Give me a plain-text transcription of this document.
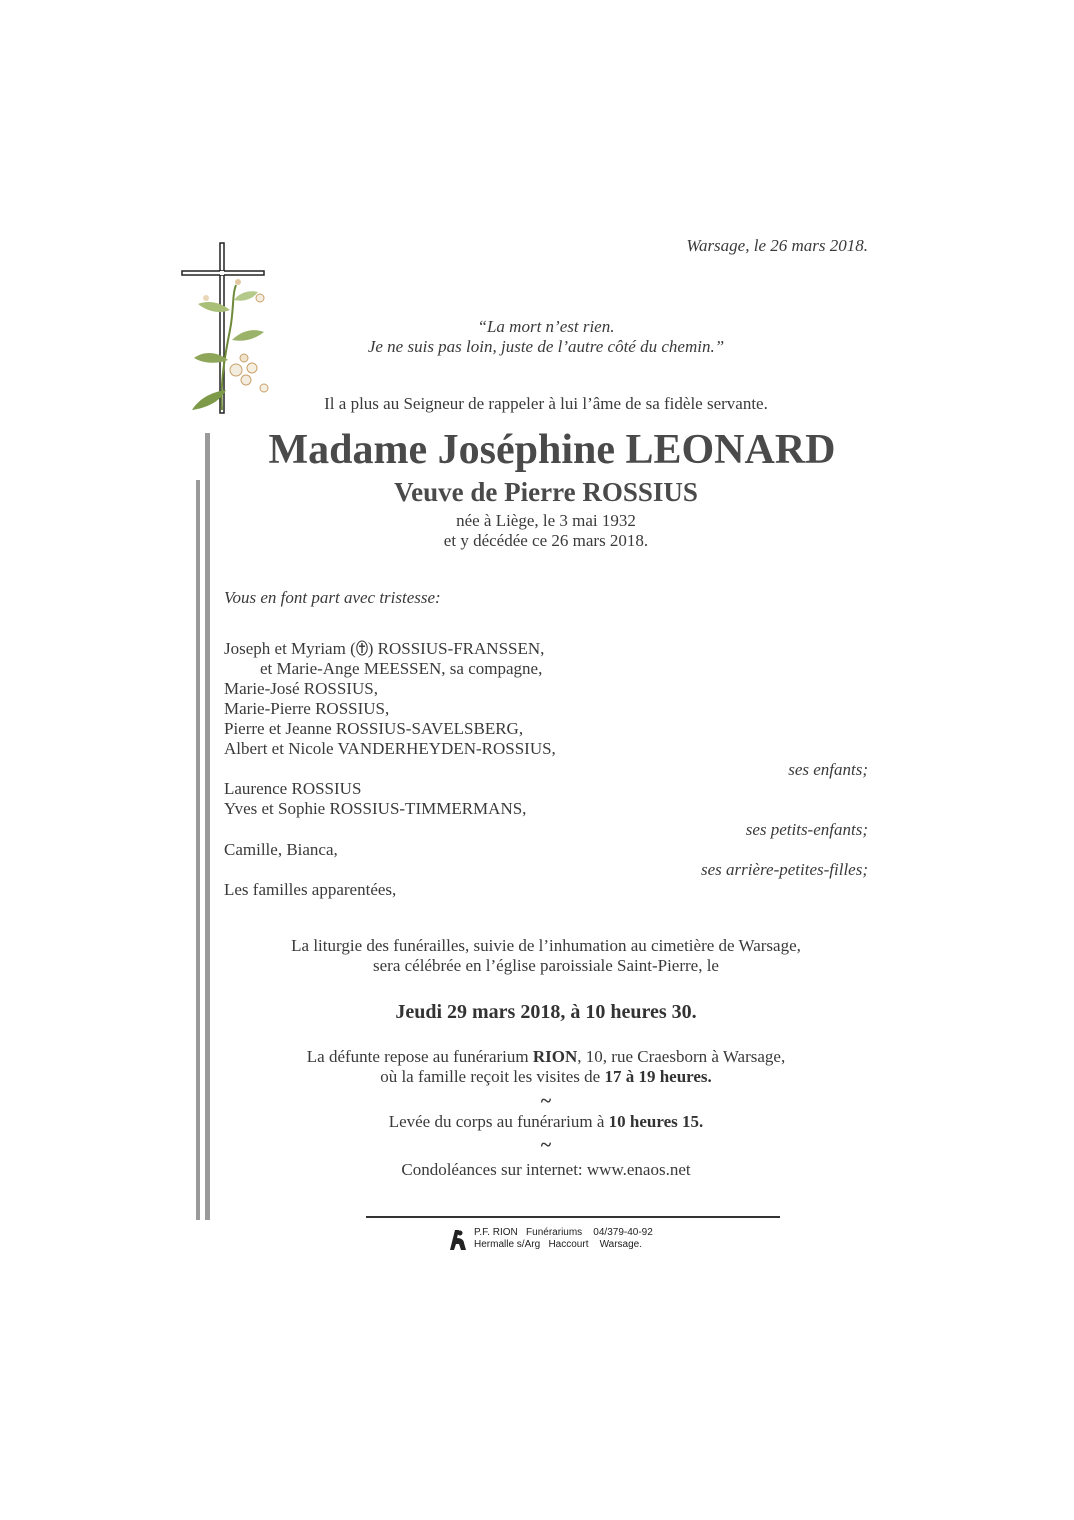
Warsage, le 26 mars 2018.
“La mort n’est rien.
Je ne suis pas loin, juste de l’autre côté du chemin.”
Il a plus au Seigneur de rappeler à lui l’âme de sa fidèle servante.
Madame Joséphine LEONARD
Veuve de Pierre ROSSIUS
née à Liège, le 3 mai 1932
et y décédée ce 26 mars 2018.
Vous en font part avec tristesse:
Joseph et Myriam ( ) ROSSIUS-FRANSSEN,
et Marie-Ange MEESSEN, sa compagne,
Marie-José ROSSIUS,
Marie-Pierre ROSSIUS,
Pierre et Jeanne ROSSIUS-SAVELSBERG,
Albert et Nicole VANDERHEYDEN-ROSSIUS,
ses enfants;
Laurence ROSSIUS
Yves et Sophie ROSSIUS-TIMMERMANS,
ses petits-enfants;
Camille, Bianca,
ses arrière-petites-filles;
Les familles apparentées,
La liturgie des funérailles, suivie de l’inhumation au cimetière de Warsage,
sera célébrée en l’église paroissiale Saint-Pierre, le
Jeudi 29 mars 2018, à 10 heures 30.
La défunte repose au funérarium RION, 10, rue Craesborn à Warsage,
où la famille reçoit les visites de 17 à 19 heures.
~
Levée du corps au funérarium à 10 heures 15.
~
Condoléances sur internet: www.enaos.net
P.F. RION   Funérariums    04/379-40-92
Hermalle s/Arg   Haccourt    Warsage.
